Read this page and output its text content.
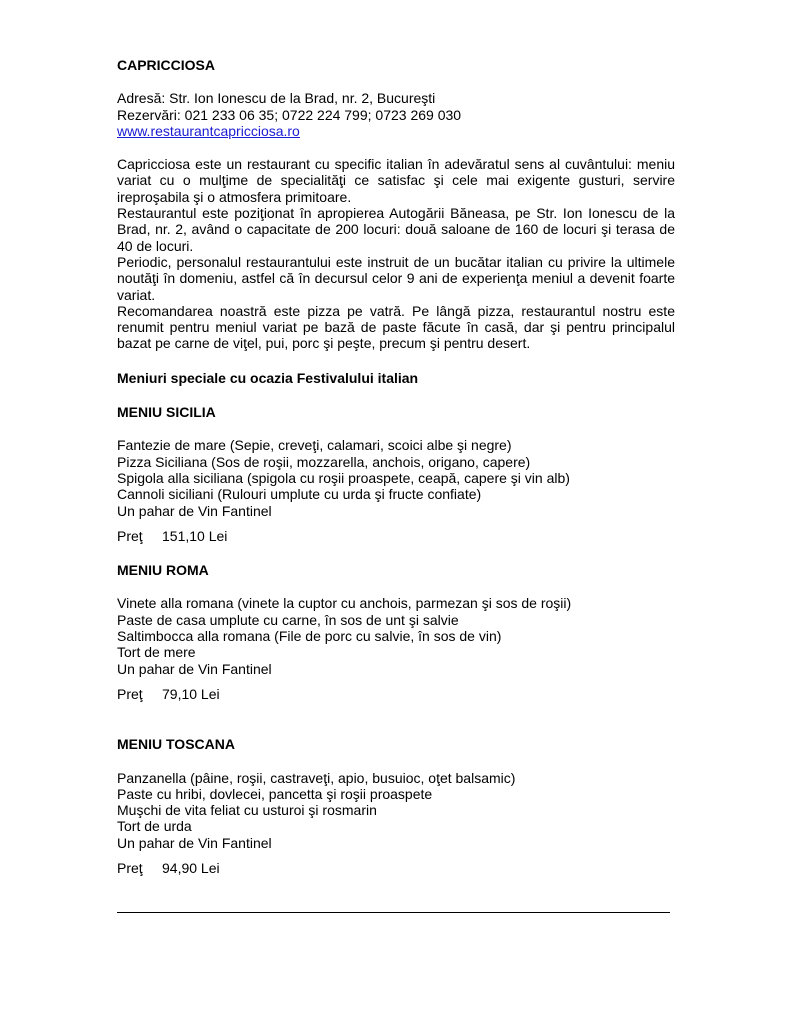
CAPRICCIOSA
Adresă: Str. Ion Ionescu de la Brad, nr. 2, Bucureşti
Rezervări: 021 233 06 35; 0722 224 799; 0723 269 030
www.restaurantcapricciosa.ro

Capricciosa este un restaurant cu specific italian în adevăratul sens al cuvântului: meniu variat cu o mulţime de specialităţi ce satisfac şi cele mai exigente gusturi, servire ireproşabila şi o atmosfera primitoare.

Restaurantul este poziţionat în apropierea Autogării Băneasa, pe Str. Ion Ionescu de la Brad, nr. 2, având o capacitate de 200 locuri: două saloane de 160 de locuri şi terasa de 40 de locuri.

Periodic, personalul restaurantului este instruit de un bucătar italian cu privire la ultimele noutăţi în domeniu, astfel că în decursul celor 9 ani de experienţa meniul a devenit foarte variat.

Recomandarea noastră este pizza pe vatră. Pe lângă pizza, restaurantul nostru este renumit pentru meniul variat pe bază de paste făcute în casă, dar şi pentru principalul bazat pe carne de viţel, pui, porc şi peşte, precum şi pentru desert.

Meniuri speciale cu ocazia Festivalului italian
MENIU SICILIA
Fantezie de mare (Sepie, creveţi, calamari, scoici albe şi negre)
Pizza Siciliana (Sos de roşii, mozzarella, anchois, origano, capere)
Spigola alla siciliana (spigola cu roşii proaspete, ceapă, capere şi vin alb)
Cannoli siciliani (Rulouri umplute cu urda şi fructe confiate)
Un pahar de Vin Fantinel
Preţ 151,10 Lei
MENIU ROMA
Vinete alla romana (vinete la cuptor cu anchois, parmezan şi sos de roşii)
Paste de casa umplute cu carne, în sos de unt şi salvie
Saltimbocca alla romana (File de porc cu salvie, în sos de vin)
Tort de mere
Un pahar de Vin Fantinel
Preţ 79,10 Lei
MENIU TOSCANA
Panzanella (pâine, roşii, castraveţi, apio, busuioc, oţet balsamic)
Paste cu hribi, dovlecei, pancetta şi roşii proaspete
Muşchi de vita feliat cu usturoi şi rosmarin
Tort de urda
Un pahar de Vin Fantinel
Preţ 94,90 Lei
